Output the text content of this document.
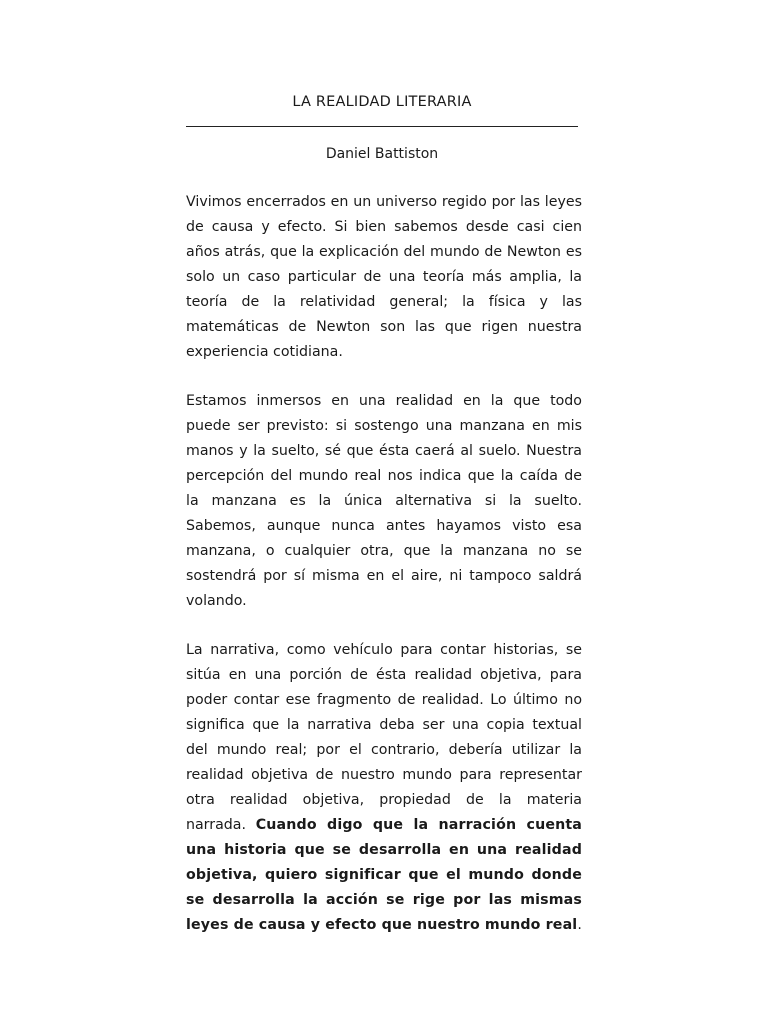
LA REALIDAD LITERARIA
Daniel Battiston

Vivimos encerrados en un universo regido por las leyes de causa y efecto. Si bien sabemos desde casi cien años atrás, que la explicación del mundo de Newton es solo un caso particular de una teoría más amplia, la teoría de la relatividad general; la física y las matemáticas de Newton son las que rigen nuestra experiencia cotidiana.

Estamos inmersos en una realidad en la que todo puede ser previsto: si sostengo una manzana en mis manos y la suelto, sé que ésta caerá al suelo. Nuestra percepción del mundo real nos indica que la caída de la manzana es la única alternativa si la suelto. Sabemos, aunque nunca antes hayamos visto esa manzana, o cualquier otra, que la manzana no se sostendrá por sí misma en el aire, ni tampoco saldrá volando.

La narrativa, como vehículo para contar historias, se sitúa en una porción de ésta realidad objetiva, para poder contar ese fragmento de realidad. Lo último no significa que la narrativa deba ser una copia textual del mundo real; por el contrario, debería utilizar la realidad objetiva de nuestro mundo para representar otra realidad objetiva, propiedad de la materia narrada. Cuando digo que la narración cuenta una historia que se desarrolla en una realidad objetiva, quiero significar que el mundo donde se desarrolla la acción se rige por las mismas leyes de causa y efecto que nuestro mundo real.
